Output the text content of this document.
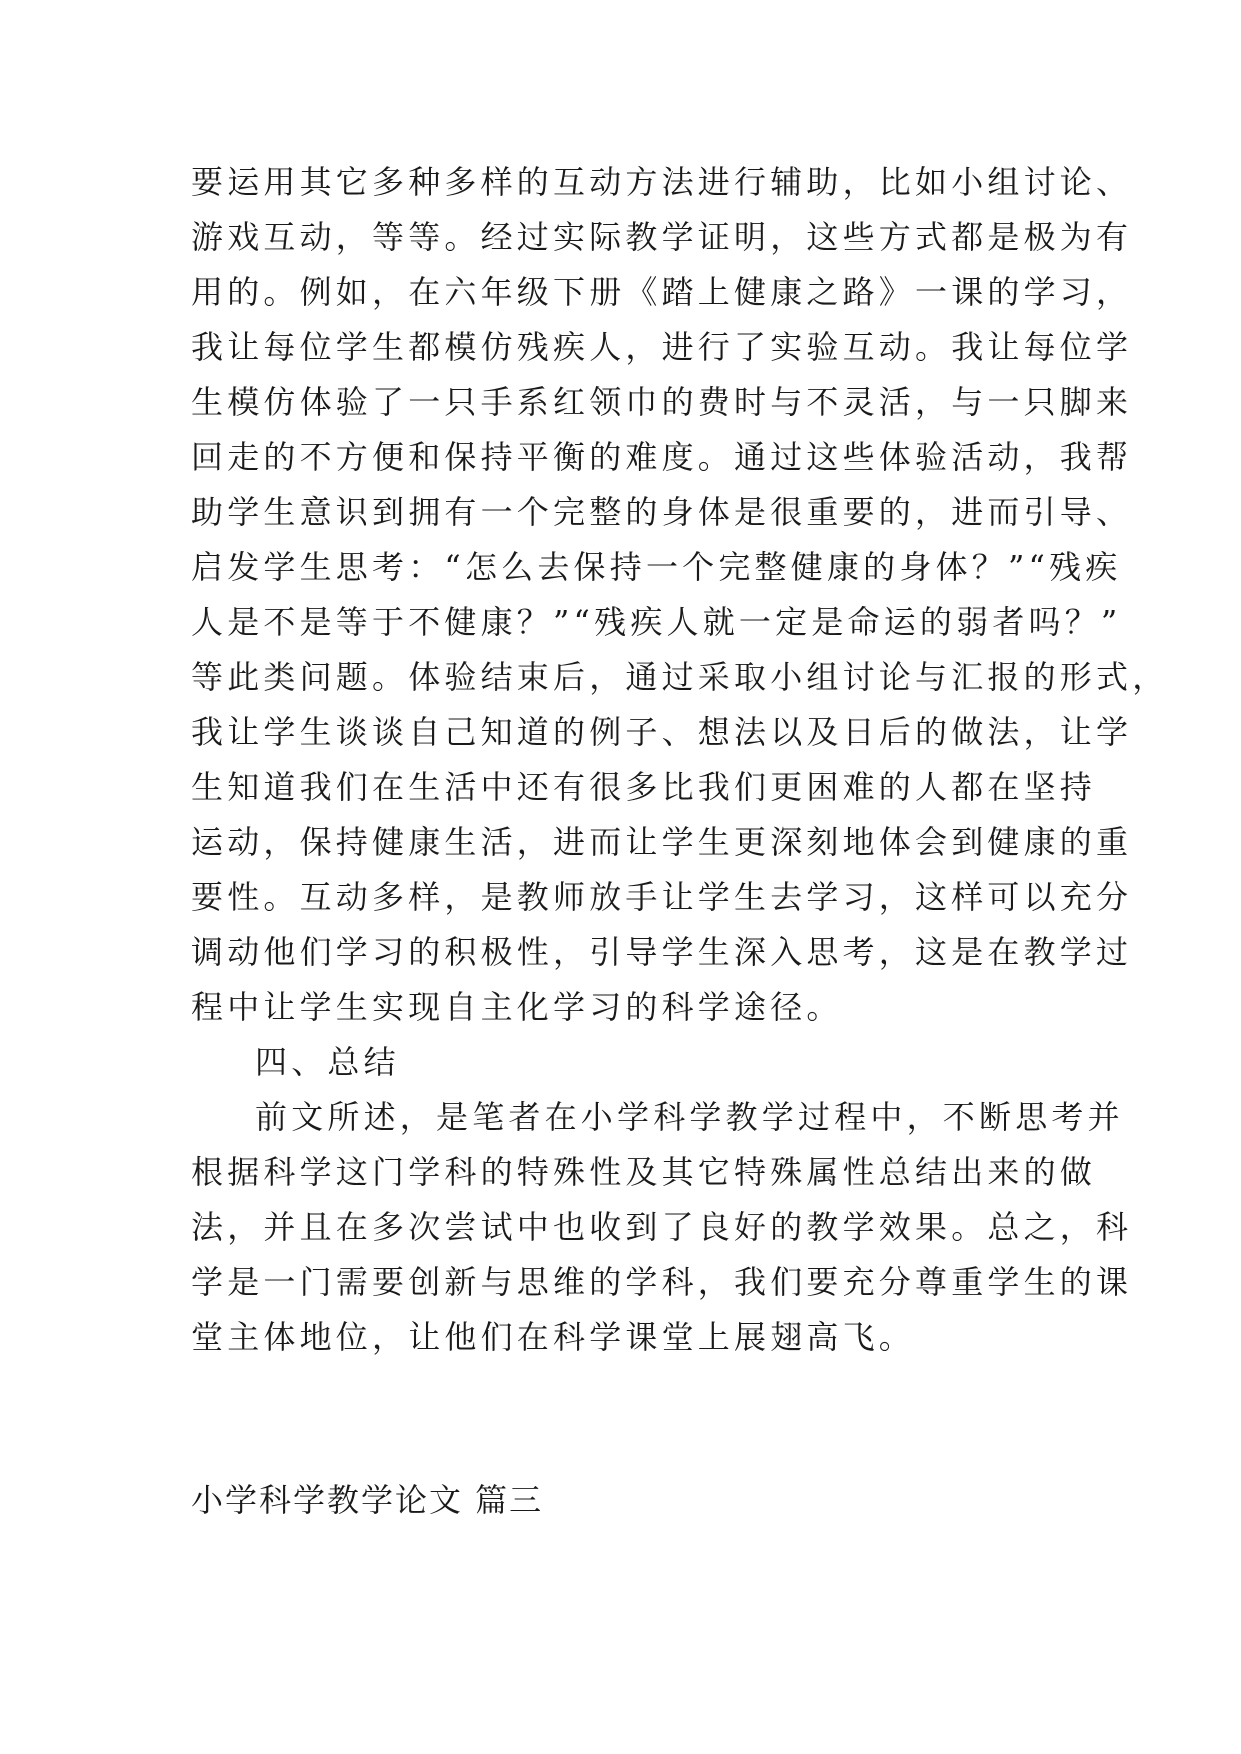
要运用其它多种多样的互动方法进行辅助，比如小组讨论、
游戏互动，等等。经过实际教学证明，这些方式都是极为有
用的。例如，在六年级下册《踏上健康之路》一课的学习，
我让每位学生都模仿残疾人，进行了实验互动。我让每位学
生模仿体验了一只手系红领巾的费时与不灵活，与一只脚来
回走的不方便和保持平衡的难度。通过这些体验活动，我帮
助学生意识到拥有一个完整的身体是很重要的，进而引导、
启发学生思考：“怎么去保持一个完整健康的身体？”“残疾
人是不是等于不健康？”“残疾人就一定是命运的弱者吗？”
等此类问题。体验结束后，通过采取小组讨论与汇报的形式，
我让学生谈谈自己知道的例子、想法以及日后的做法，让学
生知道我们在生活中还有很多比我们更困难的人都在坚持
运动，保持健康生活，进而让学生更深刻地体会到健康的重
要性。互动多样，是教师放手让学生去学习，这样可以充分
调动他们学习的积极性，引导学生深入思考，这是在教学过
程中让学生实现自主化学习的科学途径。
四、总结
前文所述，是笔者在小学科学教学过程中，不断思考并
根据科学这门学科的特殊性及其它特殊属性总结出来的做
法，并且在多次尝试中也收到了良好的教学效果。总之，科
学是一门需要创新与思维的学科，我们要充分尊重学生的课
堂主体地位，让他们在科学课堂上展翅高飞。
小学科学教学论文 篇三
